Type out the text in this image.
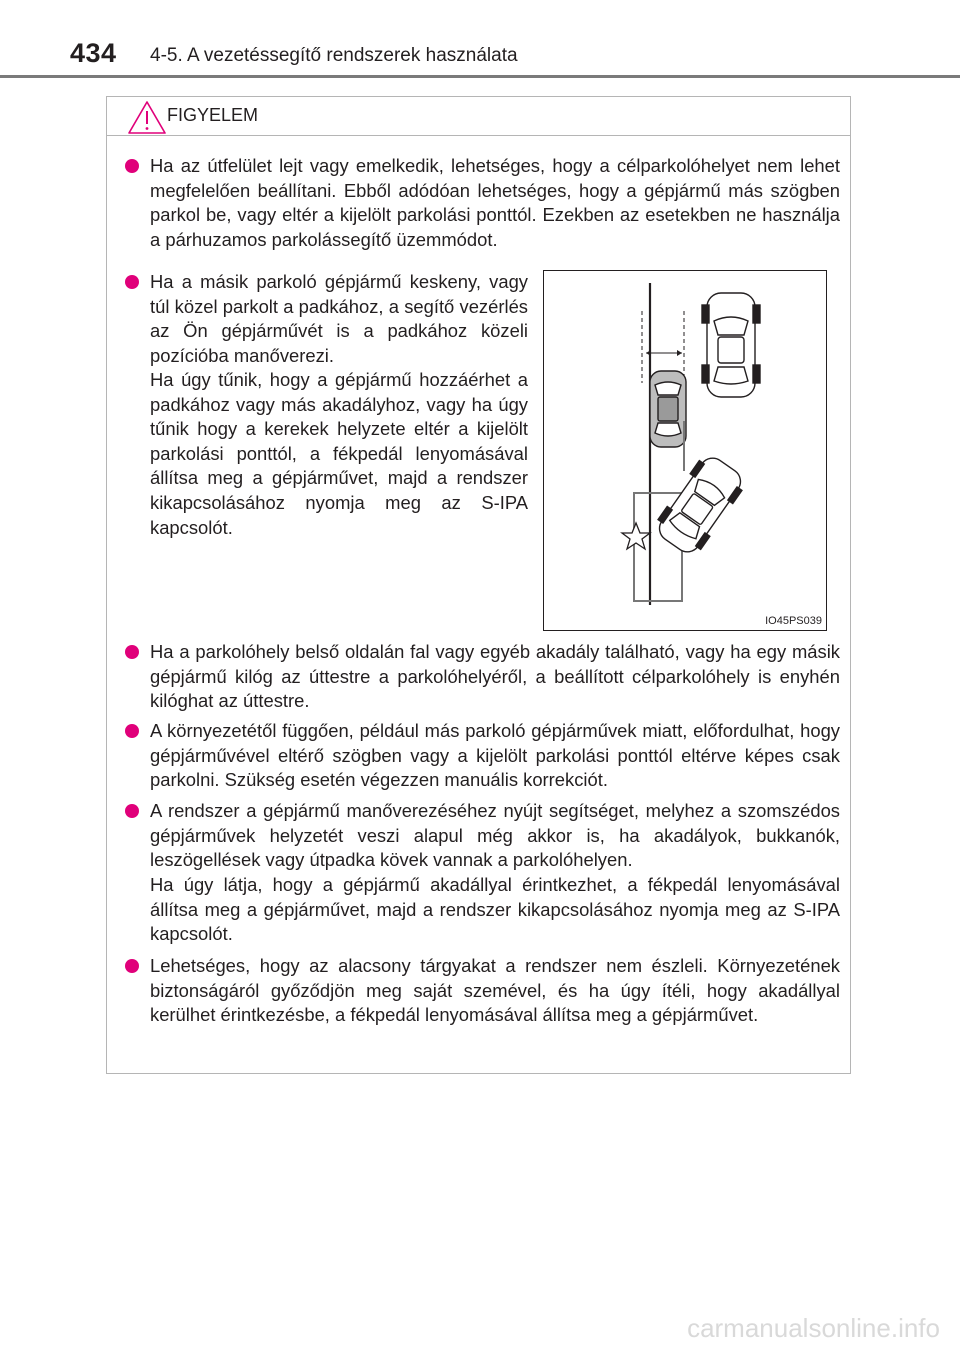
434 4-5. A vezetéssegítő rendszerek használata
FIGYELEM
Ha az útfelület lejt vagy emelkedik, lehetséges, hogy a célparkolóhelyet nem lehet megfelelően beállítani. Ebből adódóan lehetséges, hogy a gépjármű más szögben parkol be, vagy eltér a kijelölt parkolási ponttól. Ezekben az esetekben ne használja a párhuzamos parkolássegítő üzemmódot.
Ha a másik parkoló gépjármű keskeny, vagy túl közel parkolt a padkához, a segítő vezérlés az Ön gépjárművét is a padkához közeli pozícióba manőverezi.
Ha úgy tűnik, hogy a gépjármű hozzáérhet a padkához vagy más akadályhoz, vagy ha úgy tűnik hogy a kerekek helyzete eltér a kijelölt parkolási ponttól, a fékpedál lenyomásával állítsa meg a gépjárművet, majd a rendszer kikapcsolásához nyomja meg az S-IPA kapcsolót.
IO45PS039
Ha a parkolóhely belső oldalán fal vagy egyéb akadály található, vagy ha egy másik gépjármű kilóg az úttestre a parkolóhelyéről, a beállított célparkolóhely is enyhén kilóghat az úttestre.
A környezetétől függően, például más parkoló gépjárművek miatt, előfordulhat, hogy gépjárművével eltérő szögben vagy a kijelölt parkolási ponttól eltérve képes csak parkolni. Szükség esetén végezzen manuális korrekciót.
A rendszer a gépjármű manőverezéséhez nyújt segítséget, melyhez a szomszédos gépjárművek helyzetét veszi alapul még akkor is, ha akadályok, bukkanók, leszögellések vagy útpadka kövek vannak a parkolóhelyen.
Ha úgy látja, hogy a gépjármű akadállyal érintkezhet, a fékpedál lenyomásával állítsa meg a gépjárművet, majd a rendszer kikapcsolásához nyomja meg az S-IPA kapcsolót.
Lehetséges, hogy az alacsony tárgyakat a rendszer nem észleli. Környezetének biztonságáról győződjön meg saját szemével, és ha úgy ítéli, hogy akadállyal kerülhet érintkezésbe, a fékpedál lenyomásával állítsa meg a gépjárművet.
carmanualsonline.info
